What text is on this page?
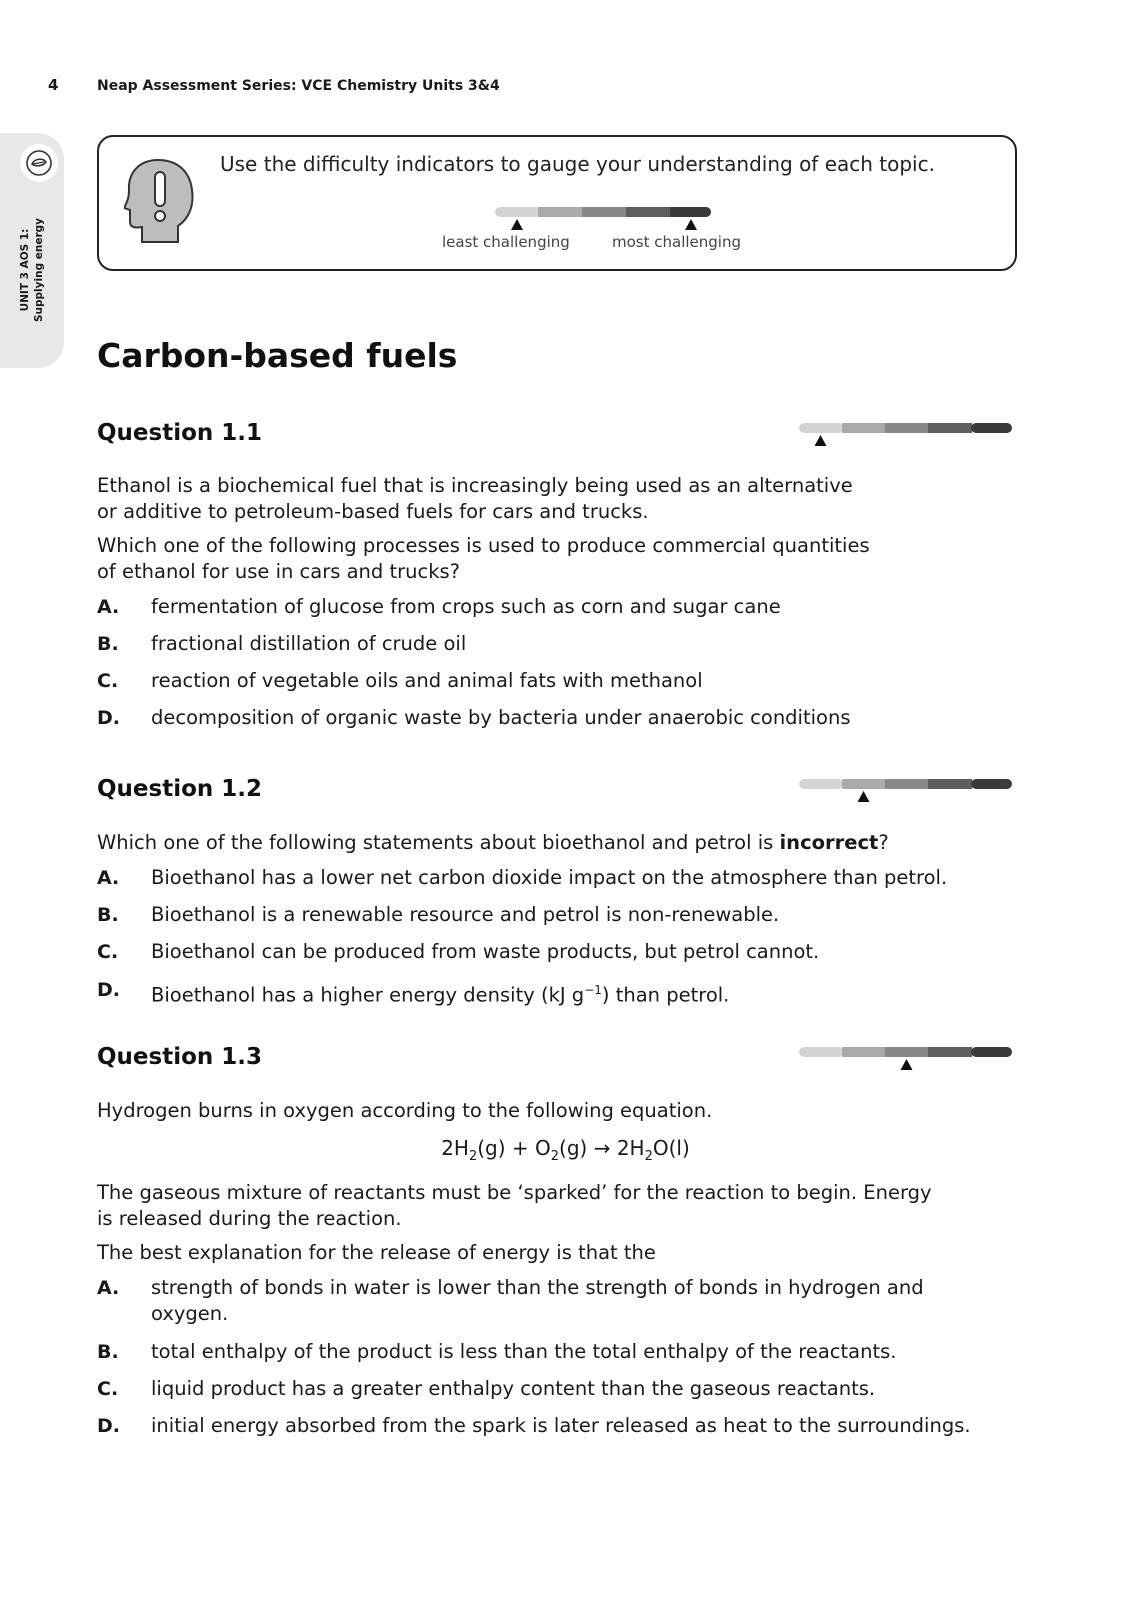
4	Neap Assessment Series: VCE Chemistry Units 3&4
UNIT 3 AOS 1: Supplying energy
Use the difficulty indicators to gauge your understanding of each topic.
least challenging	most challenging
Carbon-based fuels
Question 1.1
Ethanol is a biochemical fuel that is increasingly being used as an alternative
or additive to petroleum-based fuels for cars and trucks.
Which one of the following processes is used to produce commercial quantities
of ethanol for use in cars and trucks?
A. fermentation of glucose from crops such as corn and sugar cane
B. fractional distillation of crude oil
C. reaction of vegetable oils and animal fats with methanol
D. decomposition of organic waste by bacteria under anaerobic conditions
Question 1.2
Which one of the following statements about bioethanol and petrol is incorrect?
A. Bioethanol has a lower net carbon dioxide impact on the atmosphere than petrol.
B. Bioethanol is a renewable resource and petrol is non-renewable.
C. Bioethanol can be produced from waste products, but petrol cannot.
D. Bioethanol has a higher energy density (kJ $g^{-1}$) than petrol.
Question 1.3
Hydrogen burns in oxygen according to the following equation.
$2H_2(g) + O_2(g) \to 2H_2O(l)$
The gaseous mixture of reactants must be ‘sparked’ for the reaction to begin. Energy
is released during the reaction.
The best explanation for the release of energy is that the
A. strength of bonds in water is lower than the strength of bonds in hydrogen and
oxygen.
B. total enthalpy of the product is less than the total enthalpy of the reactants.
C. liquid product has a greater enthalpy content than the gaseous reactants.
D. initial energy absorbed from the spark is later released as heat to the surroundings.
